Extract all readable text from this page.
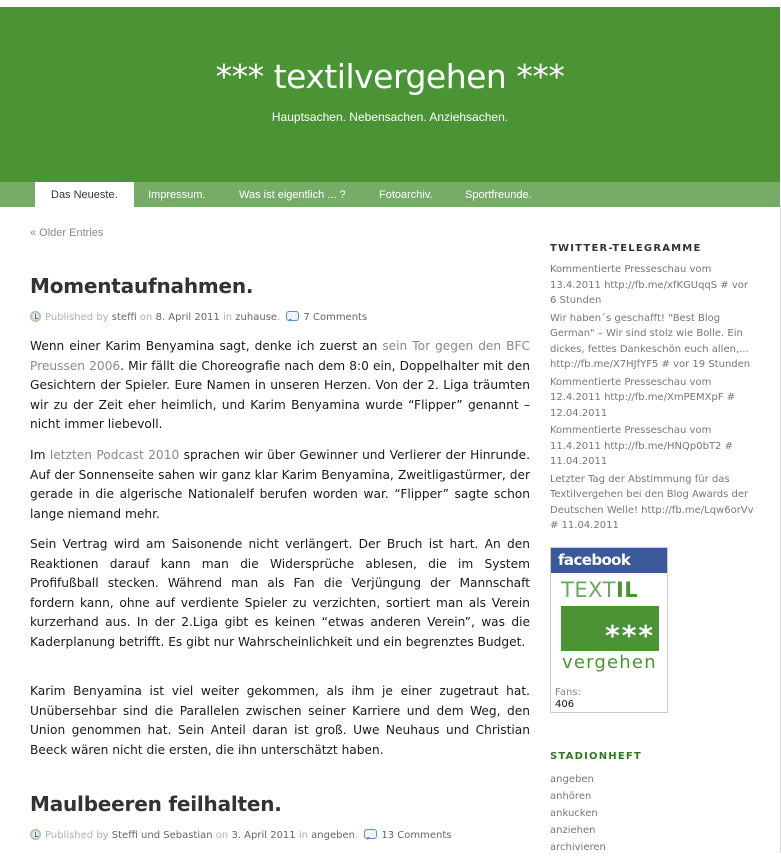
*** textilvergehen ***
Hauptsachen. Nebensachen. Anziehsachen.
Das Neueste.	Impressum.	Was ist eigentlich ... ?	Fotoarchiv.	Sportfreunde.
« Older Entries
Momentaufnahmen.
Published by steffi on 8. April 2011 in zuhause. 7 Comments

Wenn einer Karim Benyamina sagt, denke ich zuerst an sein Tor gegen den BFC Preussen 2006. Mir fällt die Choreografie nach dem 8:0 ein, Doppelhalter mit den Gesichtern der Spieler. Eure Namen in unseren Herzen. Von der 2. Liga träumten wir zu der Zeit eher heimlich, und Karim Benyamina wurde “Flipper” genannt – nicht immer liebevoll.

Im letzten Podcast 2010 sprachen wir über Gewinner und Verlierer der Hinrunde. Auf der Sonnenseite sahen wir ganz klar Karim Benyamina, Zweitligastürmer, der gerade in die algerische Nationalelf berufen worden war. “Flipper” sagte schon lange niemand mehr.

Sein Vertrag wird am Saisonende nicht verlängert. Der Bruch ist hart. An den Reaktionen darauf kann man die Widersprüche ablesen, die im System Profifußball stecken. Während man als Fan die Verjüngung der Mannschaft fordern kann, ohne auf verdiente Spieler zu verzichten, sortiert man als Verein kurzerhand aus. In der 2.Liga gibt es keinen “etwas anderen Verein”, was die Kaderplanung betrifft. Es gibt nur Wahrscheinlichkeit und ein begrenztes Budget.

Karim Benyamina ist viel weiter gekommen, als ihm je einer zugetraut hat. Unübersehbar sind die Parallelen zwischen seiner Karriere und dem Weg, den Union genommen hat. Sein Anteil daran ist groß. Uwe Neuhaus und Christian Beeck wären nicht die ersten, die ihn unterschätzt haben.

Maulbeeren feilhalten.
Published by Steffi und Sebastian on 3. April 2011 in angeben. 13 Comments
TWITTER-TELEGRAMME
Kommentierte Presseschau vom 13.4.2011 http://fb.me/xfKGUqqS # vor 6 Stunden
Wir haben´s geschafft! "Best Blog German" – Wir sind stolz wie Bolle. Ein dickes, fettes Dankeschön euch allen,... http://fb.me/X7HJfYF5 # vor 19 Stunden
Kommentierte Presseschau vom 12.4.2011 http://fb.me/XmPEMXpF # 12.04.2011
Kommentierte Presseschau vom 11.4.2011 http://fb.me/HNQp0bT2 # 11.04.2011
Letzter Tag der Abstimmung für das Textilvergehen bei den Blog Awards der Deutschen Welle! http://fb.me/Lqw6orVv # 11.04.2011
facebook
TEXTIL
***
vergehen
Fans:
406
STADIONHEFT
angeben
anhören
ankucken
anziehen
archivieren
